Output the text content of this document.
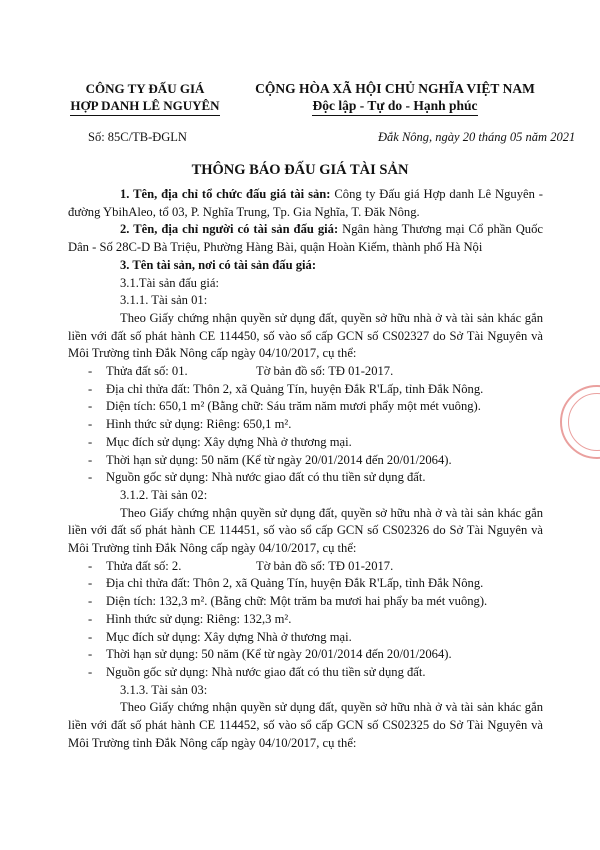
CÔNG TY ĐẤU GIÁ
HỢP DANH LÊ NGUYÊN
CỘNG HÒA XÃ HỘI CHỦ NGHĨA VIỆT NAM
Độc lập - Tự do - Hạnh phúc
Số: 85C/TB-ĐGLN	Đắk Nông, ngày 20 tháng 05 năm 2021
THÔNG BÁO ĐẤU GIÁ TÀI SẢN

1. Tên, địa chỉ tổ chức đấu giá tài sản: Công ty Đấu giá Hợp danh Lê Nguyên - đường YbihAleo, tổ 03, P. Nghĩa Trung, Tp. Gia Nghĩa, T. Đăk Nông.

2. Tên, địa chỉ người có tài sản đấu giá: Ngân hàng Thương mại Cổ phần Quốc Dân - Số 28C-D Bà Triệu, Phường Hàng Bài, quận Hoàn Kiếm, thành phố Hà Nội

3. Tên tài sản, nơi có tài sản đấu giá:

3.1.Tài sản đấu giá:

3.1.1. Tài sản 01:

Theo Giấy chứng nhận quyền sử dụng đất, quyền sở hữu nhà ở và tài sản khác gắn liền với đất số phát hành CE 114450, số vào sổ cấp GCN số CS02327 do Sở Tài Nguyên và Môi Trường tỉnh Đắk Nông cấp ngày 04/10/2017, cụ thể:

- Thửa đất số: 01.	Tờ bản đồ số: TĐ 01-2017.

- Địa chỉ thửa đất: Thôn 2, xã Quảng Tín, huyện Đắk R'Lấp, tỉnh Đắk Nông.

- Diện tích: 650,1 m² (Bằng chữ: Sáu trăm năm mươi phẩy một mét vuông).

- Hình thức sử dụng: Riêng: 650,1 m².

- Mục đích sử dụng: Xây dựng Nhà ở thương mại.

- Thời hạn sử dụng: 50 năm (Kể từ ngày 20/01/2014 đến 20/01/2064).

- Nguồn gốc sử dụng: Nhà nước giao đất có thu tiền sử dụng đất.

3.1.2. Tài sản 02:

Theo Giấy chứng nhận quyền sử dụng đất, quyền sở hữu nhà ở và tài sản khác gắn liền với đất số phát hành CE 114451, số vào sổ cấp GCN số CS02326 do Sở Tài Nguyên và Môi Trường tỉnh Đắk Nông cấp ngày 04/10/2017, cụ thể:

- Thửa đất số: 2.	Tờ bản đồ số: TĐ 01-2017.

- Địa chỉ thửa đất: Thôn 2, xã Quảng Tín, huyện Đắk R'Lấp, tỉnh Đắk Nông.

- Diện tích: 132,3 m². (Bằng chữ: Một trăm ba mươi hai phẩy ba mét vuông).

- Hình thức sử dụng: Riêng: 132,3 m².

- Mục đích sử dụng: Xây dựng Nhà ở thương mại.

- Thời hạn sử dụng: 50 năm (Kể từ ngày 20/01/2014 đến 20/01/2064).

- Nguồn gốc sử dụng: Nhà nước giao đất có thu tiền sử dụng đất.

3.1.3. Tài sản 03:

Theo Giấy chứng nhận quyền sử dụng đất, quyền sở hữu nhà ở và tài sản khác gắn liền với đất số phát hành CE 114452, số vào sổ cấp GCN số CS02325 do Sở Tài Nguyên và Môi Trường tỉnh Đắk Nông cấp ngày 04/10/2017, cụ thể:
